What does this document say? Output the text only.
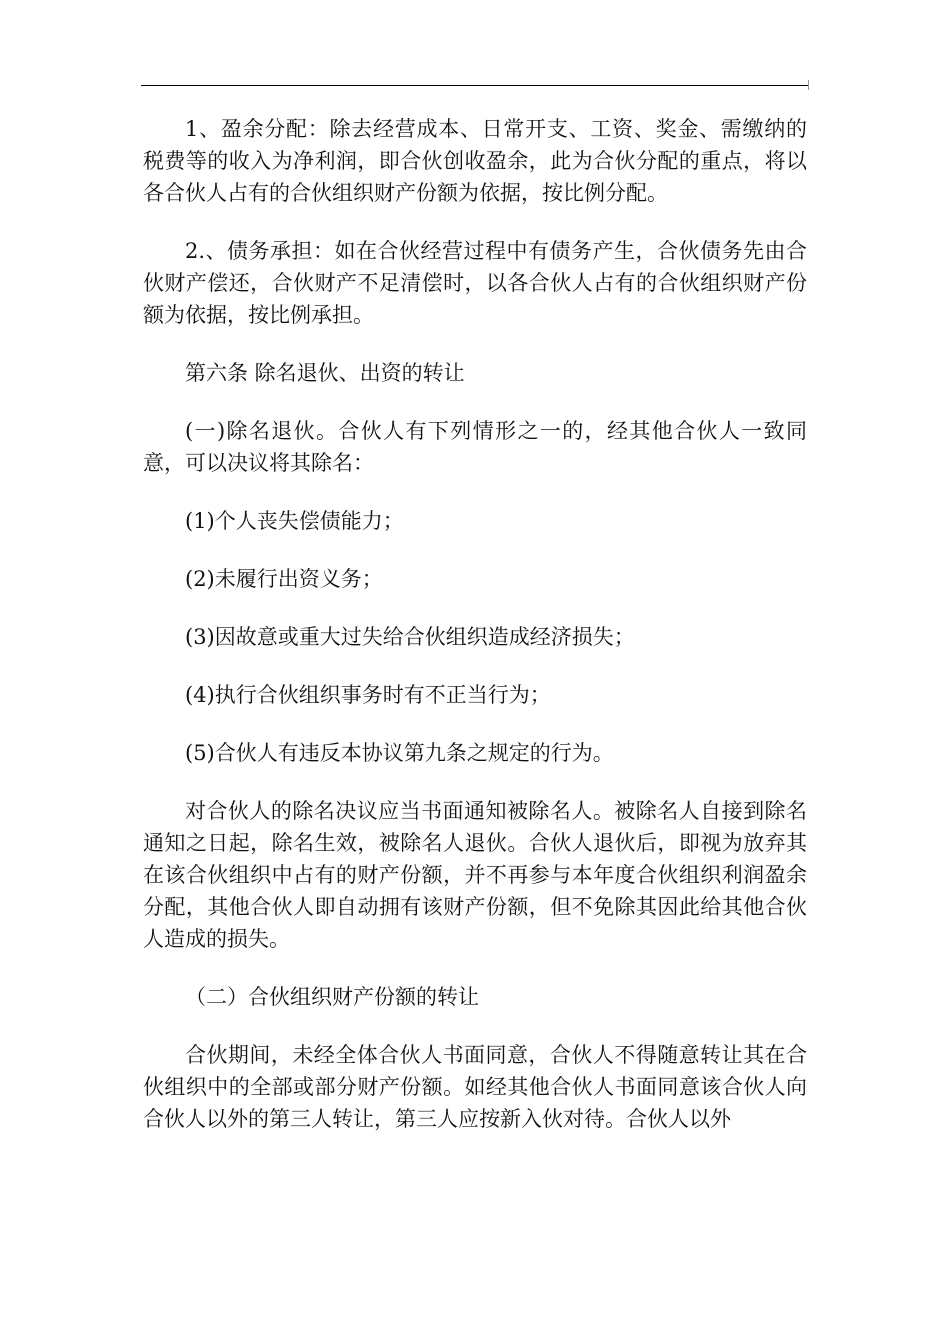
1、盈余分配：除去经营成本、日常开支、工资、奖金、需缴纳的税费等的收入为净利润，即合伙创收盈余，此为合伙分配的重点，将以各合伙人占有的合伙组织财产份额为依据，按比例分配。

2.、债务承担：如在合伙经营过程中有债务产生，合伙债务先由合伙财产偿还，合伙财产不足清偿时，以各合伙人占有的合伙组织财产份额为依据，按比例承担。

第六条 除名退伙、出资的转让

(一)除名退伙。合伙人有下列情形之一的，经其他合伙人一致同意，可以决议将其除名：

(1)个人丧失偿债能力；

(2)未履行出资义务；

(3)因故意或重大过失给合伙组织造成经济损失；

(4)执行合伙组织事务时有不正当行为；

(5)合伙人有违反本协议第九条之规定的行为。

对合伙人的除名决议应当书面通知被除名人。被除名人自接到除名通知之日起，除名生效，被除名人退伙。合伙人退伙后，即视为放弃其在该合伙组织中占有的财产份额，并不再参与本年度合伙组织利润盈余分配，其他合伙人即自动拥有该财产份额，但不免除其因此给其他合伙人造成的损失。

（二）合伙组织财产份额的转让

合伙期间，未经全体合伙人书面同意，合伙人不得随意转让其在合伙组织中的全部或部分财产份额。如经其他合伙人书面同意该合伙人向合伙人以外的第三人转让，第三人应按新入伙对待。合伙人以外
